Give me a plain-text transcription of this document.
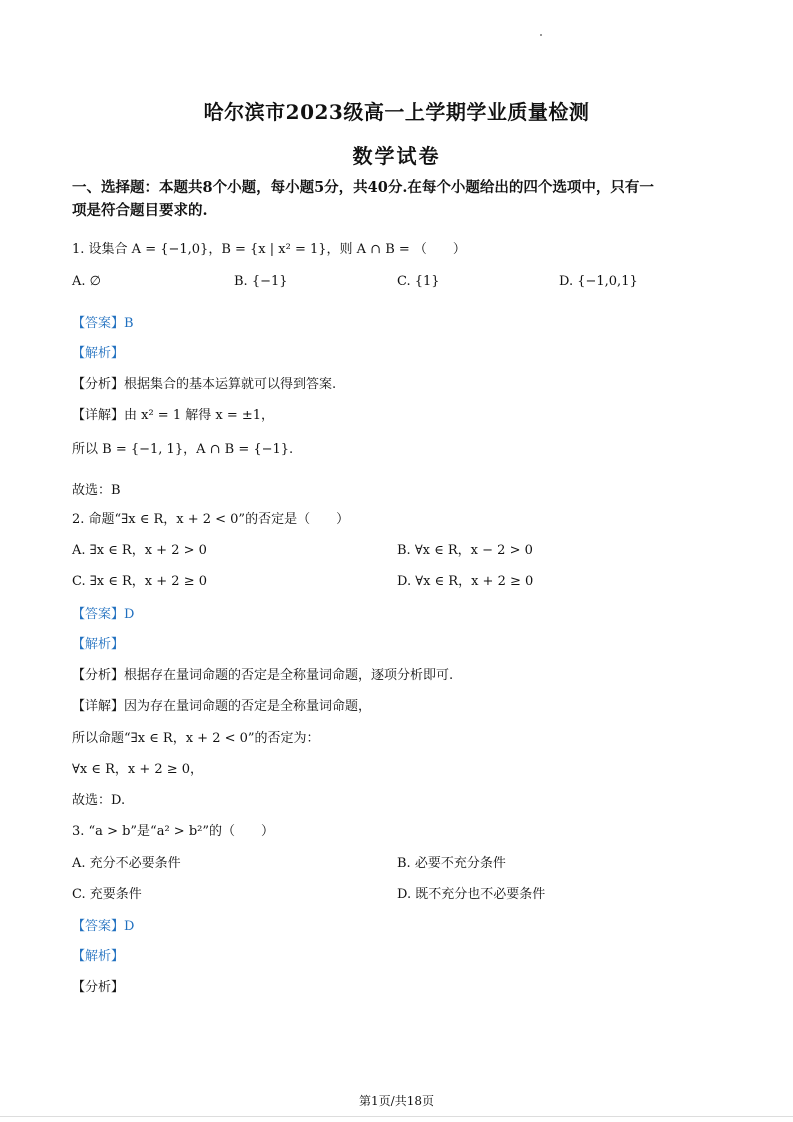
哈尔滨市2023级高一上学期学业质量检测
数学试卷
一、选择题：本题共8个小题，每小题5分，共40分.在每个小题给出的四个选项中，只有一
项是符合题目要求的.
1. 设集合 A = {−1,0}，B = {x | x² = 1}，则 A ∩ B = （　　）
A. ∅	B. {−1}	C. {1}	D. {−1,0,1}
【答案】B
【解析】
【分析】根据集合的基本运算就可以得到答案.
【详解】由 x² = 1 解得 x = ±1，
所以 B = {−1, 1}，A ∩ B = {−1}.
故选：B
2. 命题“∃x ∈ R，x + 2 < 0”的否定是（　　）
A. ∃x ∈ R，x + 2 > 0	B. ∀x ∈ R，x − 2 > 0
C. ∃x ∈ R，x + 2 ≥ 0	D. ∀x ∈ R，x + 2 ≥ 0
【答案】D
【解析】
【分析】根据存在量词命题的否定是全称量词命题，逐项分析即可.
【详解】因为存在量词命题的否定是全称量词命题，
所以命题“∃x ∈ R，x + 2 < 0”的否定为：
∀x ∈ R，x + 2 ≥ 0，
故选：D.
3. “a > b”是“a² > b²”的（　　）
A. 充分不必要条件	B. 必要不充分条件
C. 充要条件	D. 既不充分也不必要条件
【答案】D
【解析】
【分析】
第1页/共18页
